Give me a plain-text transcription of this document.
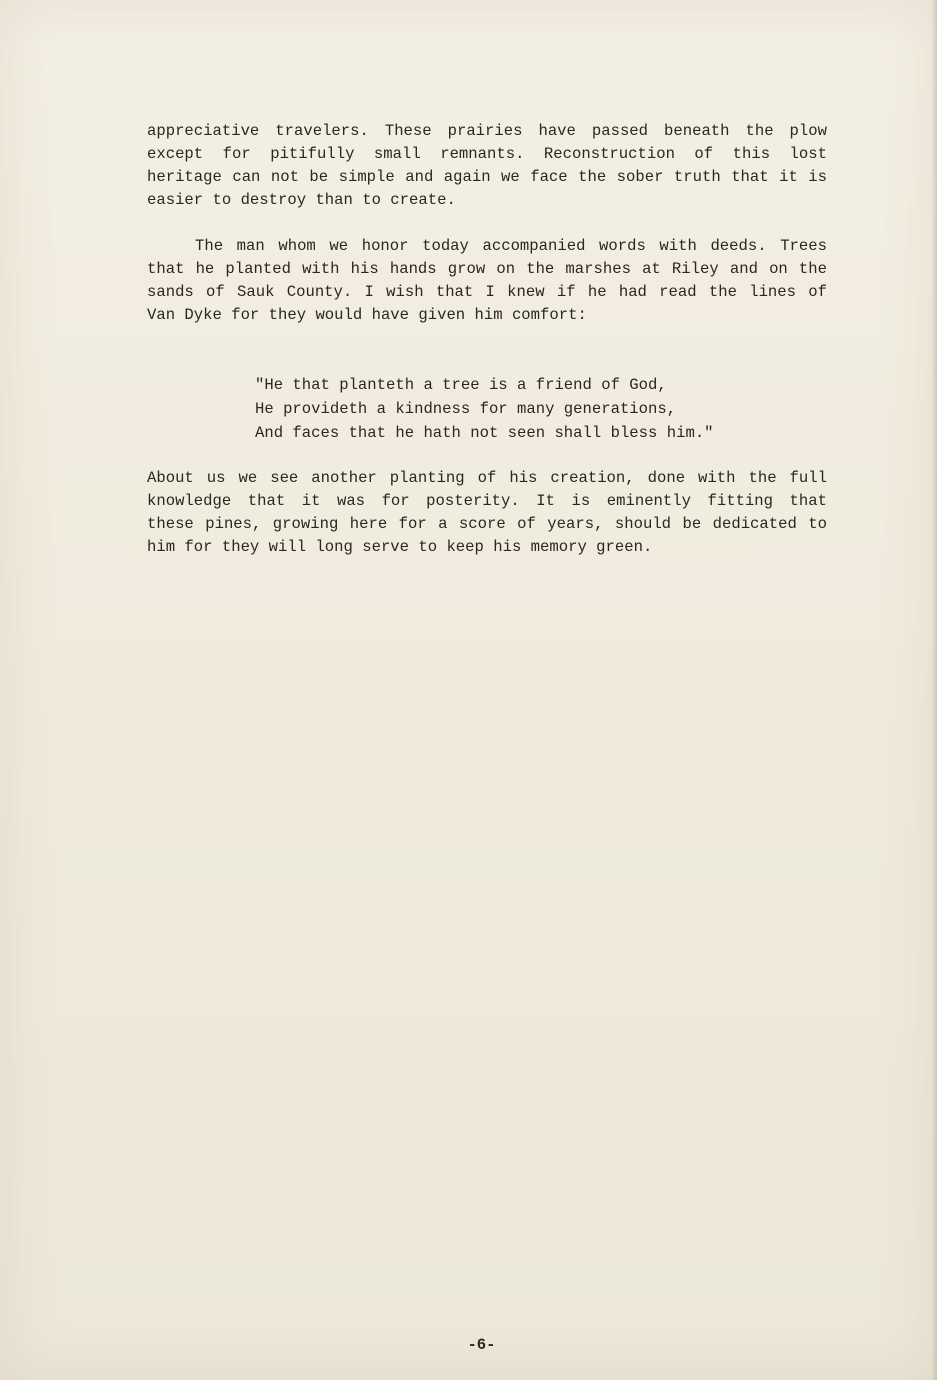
appreciative travelers. These prairies have passed beneath the plow

except for pitifully small remnants. Reconstruction of this lost

heritage can not be simple and again we face the sober truth that it is

easier to destroy than to create.

The man whom we honor today accompanied words with deeds. Trees

that he planted with his hands grow on the marshes at Riley and on the

sands of Sauk County. I wish that I knew if he had read the lines of

Van Dyke for they would have given him comfort:

"He that planteth a tree is a friend of God,

He provideth a kindness for many generations,

And faces that he hath not seen shall bless him."

About us we see another planting of his creation, done with the full

knowledge that it was for posterity. It is eminently fitting that

these pines, growing here for a score of years, should be dedicated to

him for they will long serve to keep his memory green.

-6-
